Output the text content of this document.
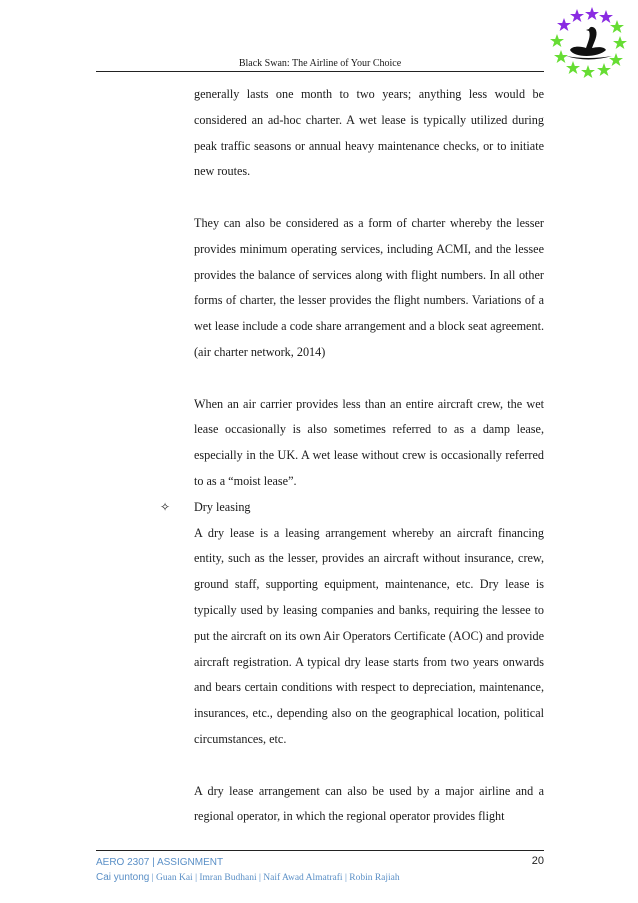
Black Swan: The Airline of Your Choice

generally lasts one month to two years; anything less would be considered an ad-hoc charter. A wet lease is typically utilized during peak traffic seasons or annual heavy maintenance checks, or to initiate new routes.

They can also be considered as a form of charter whereby the lesser provides minimum operating services, including ACMI, and the lessee provides the balance of services along with flight numbers. In all other forms of charter, the lesser provides the flight numbers. Variations of a wet lease include a code share arrangement and a block seat agreement. (air charter network, 2014)

When an air carrier provides less than an entire aircraft crew, the wet lease occasionally is also sometimes referred to as a damp lease, especially in the UK. A wet lease without crew is occasionally referred to as a “moist lease”.

✧	Dry leasing

A dry lease is a leasing arrangement whereby an aircraft financing entity, such as the lesser, provides an aircraft without insurance, crew, ground staff, supporting equipment, maintenance, etc. Dry lease is typically used by leasing companies and banks, requiring the lessee to put the aircraft on its own Air Operators Certificate (AOC) and provide aircraft registration. A typical dry lease starts from two years onwards and bears certain conditions with respect to depreciation, maintenance, insurances, etc., depending also on the geographical location, political circumstances, etc.

A dry lease arrangement can also be used by a major airline and a regional operator, in which the regional operator provides flight

AERO 2307 | ASSIGNMENT
Cai yuntong | Guan Kai | Imran Budhani | Naif Awad Almatrafi | Robin Rajiah
20
